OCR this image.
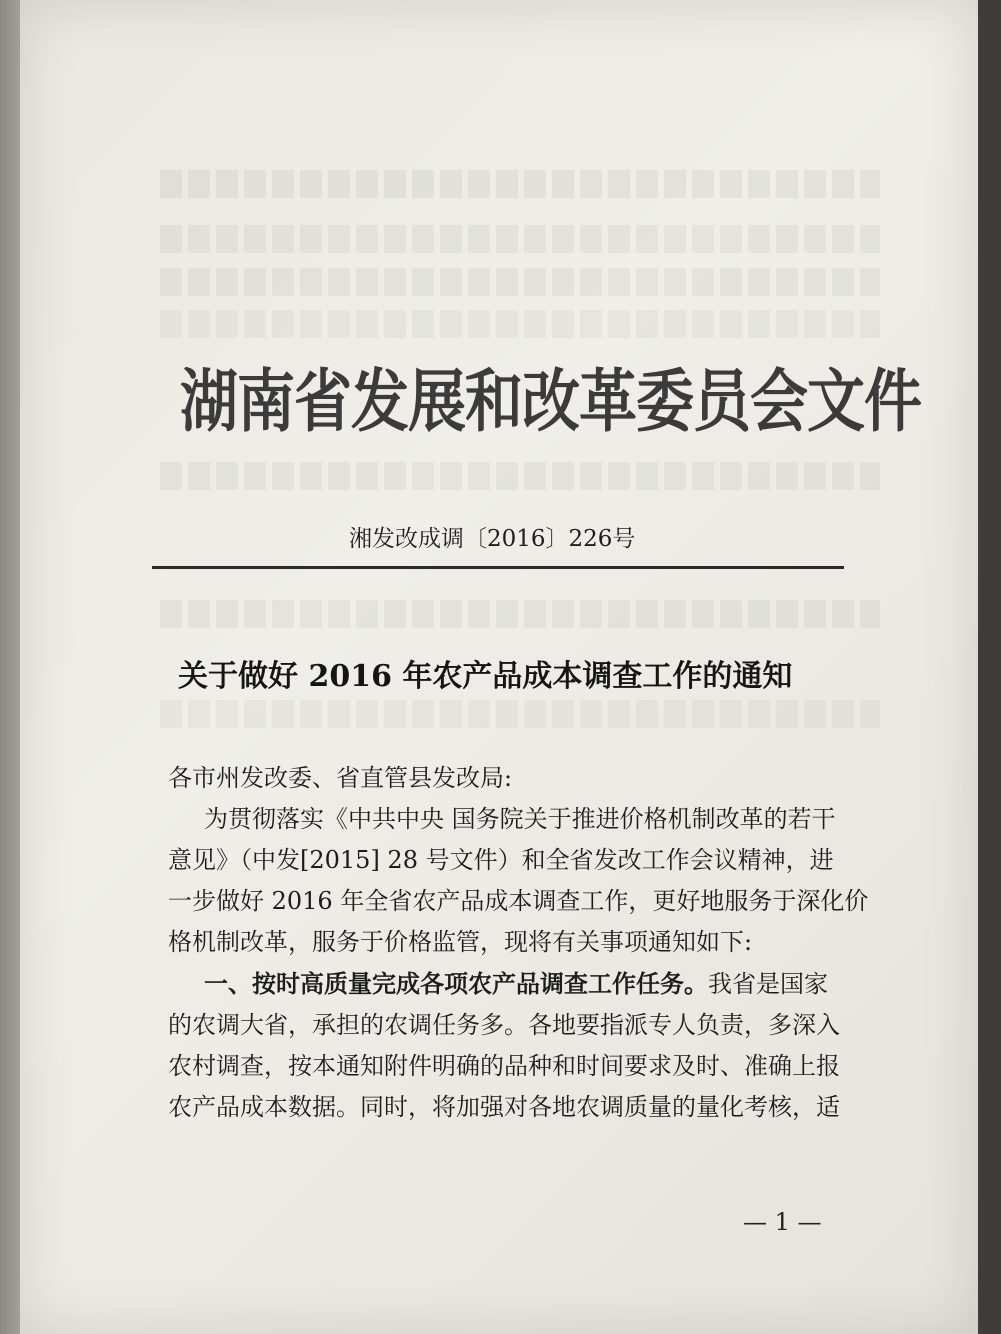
湖南省发展和改革委员会文件
湘发改成调〔2016〕226号
关于做好 2016 年农产品成本调查工作的通知

各市州发改委、省直管县发改局:

为贯彻落实《中共中央 国务院关于推进价格机制改革的若干

意见》（中发[2015] 28 号文件）和全省发改工作会议精神，进

一步做好 2016 年全省农产品成本调查工作，更好地服务于深化价

格机制改革，服务于价格监管，现将有关事项通知如下:

一、按时高质量完成各项农产品调查工作任务。我省是国家

的农调大省，承担的农调任务多。各地要指派专人负责，多深入

农村调查，按本通知附件明确的品种和时间要求及时、准确上报

农产品成本数据。同时，将加强对各地农调质量的量化考核，适

— 1 —
